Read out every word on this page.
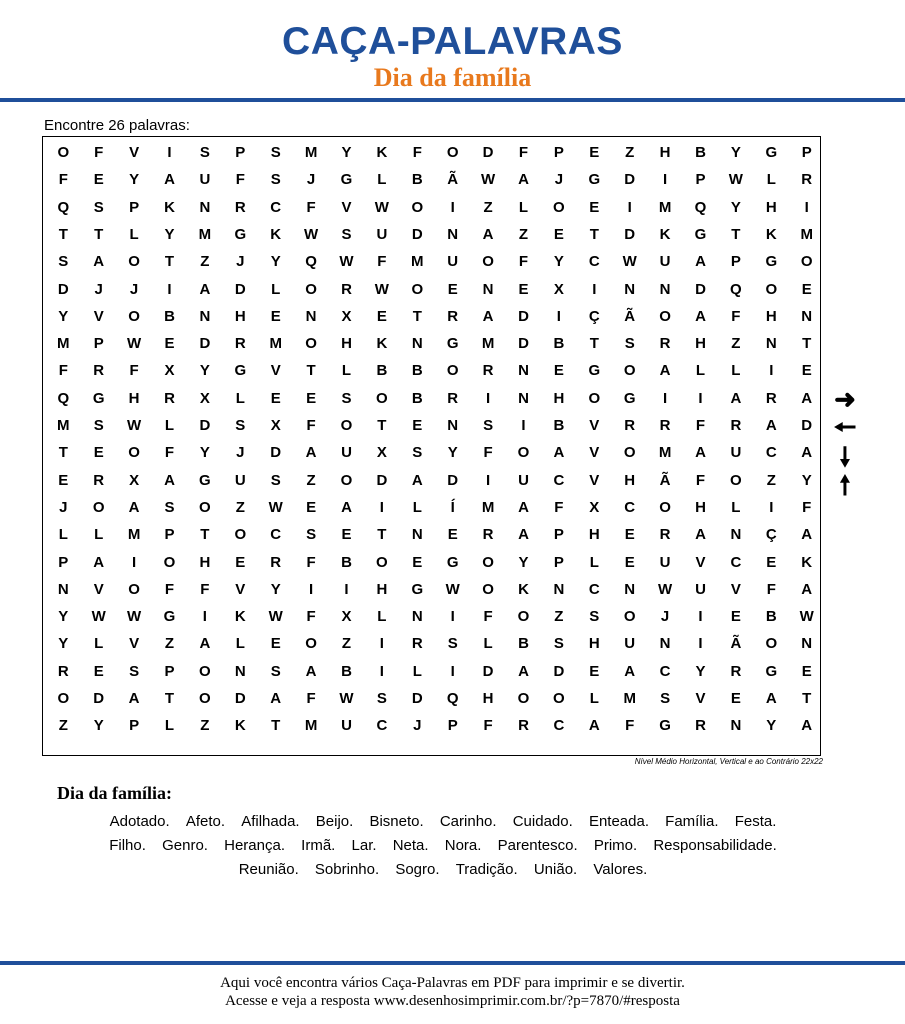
CAÇA-PALAVRAS
Dia da família
Encontre 26 palavras:
O	F	V	I	S	P	S	M	Y	K	F	O	D	F	P	E	Z	H	B	Y	G	P
F	E	Y	A	U	F	S	J	G	L	B	Ã	W	A	J	G	D	I	P	W	L	R
Q	S	P	K	N	R	C	F	V	W	O	I	Z	L	O	E	I	M	Q	Y	H	I
T	T	L	Y	M	G	K	W	S	U	D	N	A	Z	E	T	D	K	G	T	K	M
S	A	O	T	Z	J	Y	Q	W	F	M	U	O	F	Y	C	W	U	A	P	G	O
D	J	J	I	A	D	L	O	R	W	O	E	N	E	X	I	N	N	D	Q	O	E
Y	V	O	B	N	H	E	N	X	E	T	R	A	D	I	Ç	Ã	O	A	F	H	N
M	P	W	E	D	R	M	O	H	K	N	G	M	D	B	T	S	R	H	Z	N	T
F	R	F	X	Y	G	V	T	L	B	B	O	R	N	E	G	O	A	L	L	I	E
Q	G	H	R	X	L	E	E	S	O	B	R	I	N	H	O	G	I	I	A	R	A
M	S	W	L	D	S	X	F	O	T	E	N	S	I	B	V	R	R	F	R	A	D
T	E	O	F	Y	J	D	A	U	X	S	Y	F	O	A	V	O	M	A	U	C	A
E	R	X	A	G	U	S	Z	O	D	A	D	I	U	C	V	H	Ã	F	O	Z	Y
J	O	A	S	O	Z	W	E	A	I	L	Í	M	A	F	X	C	O	H	L	I	F
L	L	M	P	T	O	C	S	E	T	N	E	R	A	P	H	E	R	A	N	Ç	A
P	A	I	O	H	E	R	F	B	O	E	G	O	Y	P	L	E	U	V	C	E	K
N	V	O	F	F	V	Y	I	I	H	G	W	O	K	N	C	N	W	U	V	F	A
Y	W	W	G	I	K	W	F	X	L	N	I	F	O	Z	S	O	J	I	E	B	W
Y	L	V	Z	A	L	E	O	Z	I	R	S	L	B	S	H	U	N	I	Ã	O	N
R	E	S	P	O	N	S	A	B	I	L	I	D	A	D	E	A	C	Y	R	G	E
O	D	A	T	O	D	A	F	W	S	D	Q	H	O	O	L	M	S	V	E	A	T
Z	Y	P	L	Z	K	T	M	U	C	J	P	F	R	C	A	F	G	R	N	Y	A
Nível Médio Horizontal, Vertical e ao Contrário 22x22
➜
🠔
🠗
🠕
Dia da família:
Adotado. Afeto. Afilhada. Beijo. Bisneto. Carinho. Cuidado. Enteada. Família. Festa.
Filho. Genro. Herança. Irmã. Lar. Neta. Nora. Parentesco. Primo. Responsabilidade.
Reunião. Sobrinho. Sogro. Tradição. União. Valores.
Aqui você encontra vários Caça-Palavras em PDF para imprimir e se divertir.
Acesse e veja a resposta www.desenhosimprimir.com.br/?p=7870/#resposta
